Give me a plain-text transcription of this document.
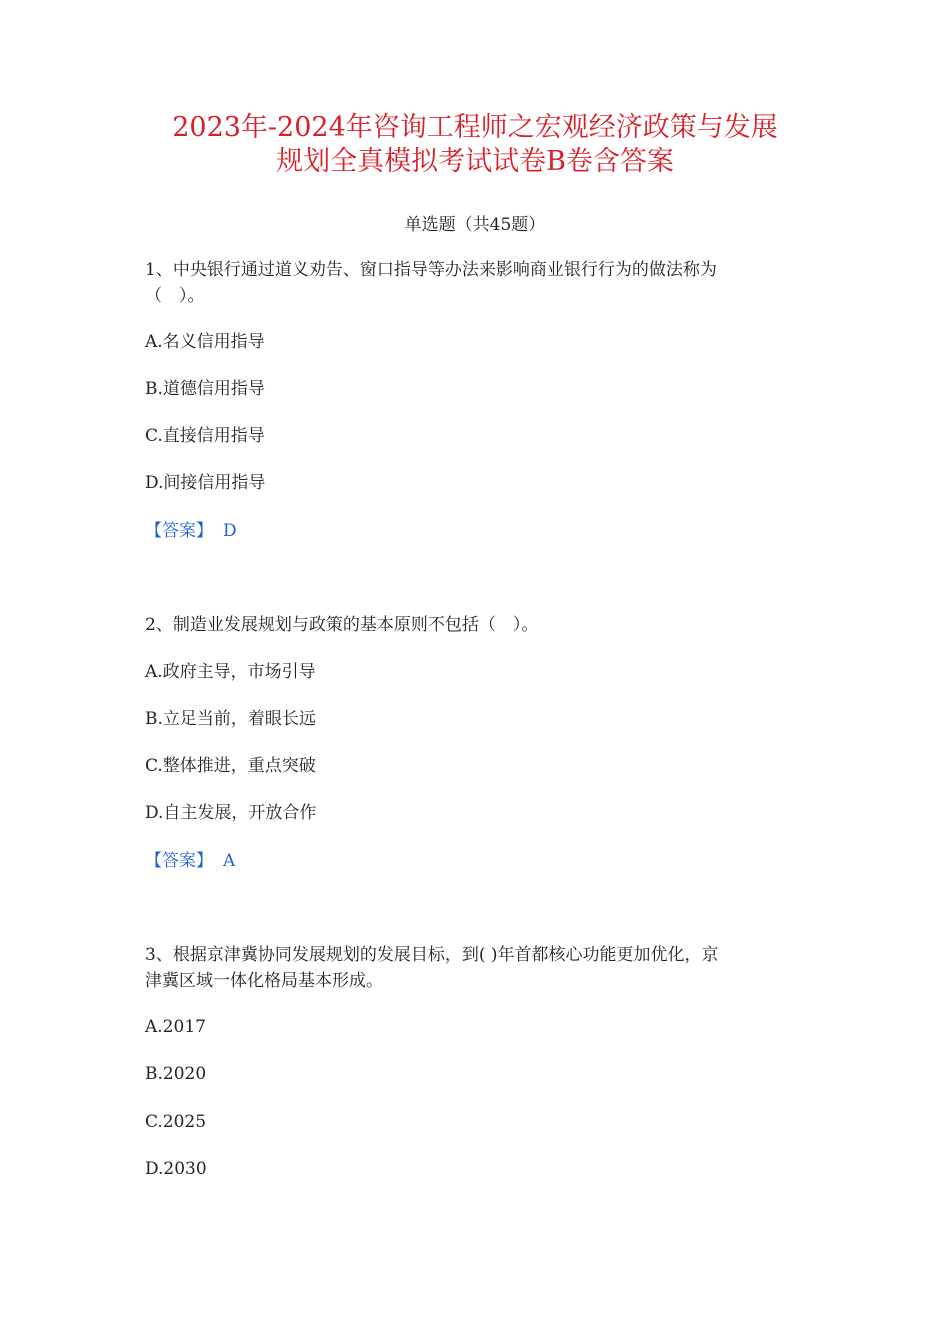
2023年-2024年咨询工程师之宏观经济政策与发展
规划全真模拟考试试卷B卷含答案
单选题（共45题）
1、中央银行通过道义劝告、窗口指导等办法来影响商业银行行为的做法称为
（　）。
A.名义信用指导
B.道德信用指导
C.直接信用指导
D.间接信用指导
【答案】 D
2、制造业发展规划与政策的基本原则不包括（　）。
A.政府主导，市场引导
B.立足当前，着眼长远
C.整体推进，重点突破
D.自主发展，开放合作
【答案】 A
3、根据京津冀协同发展规划的发展目标，到( )年首都核心功能更加优化，京
津冀区域一体化格局基本形成。
A.2017
B.2020
C.2025
D.2030
